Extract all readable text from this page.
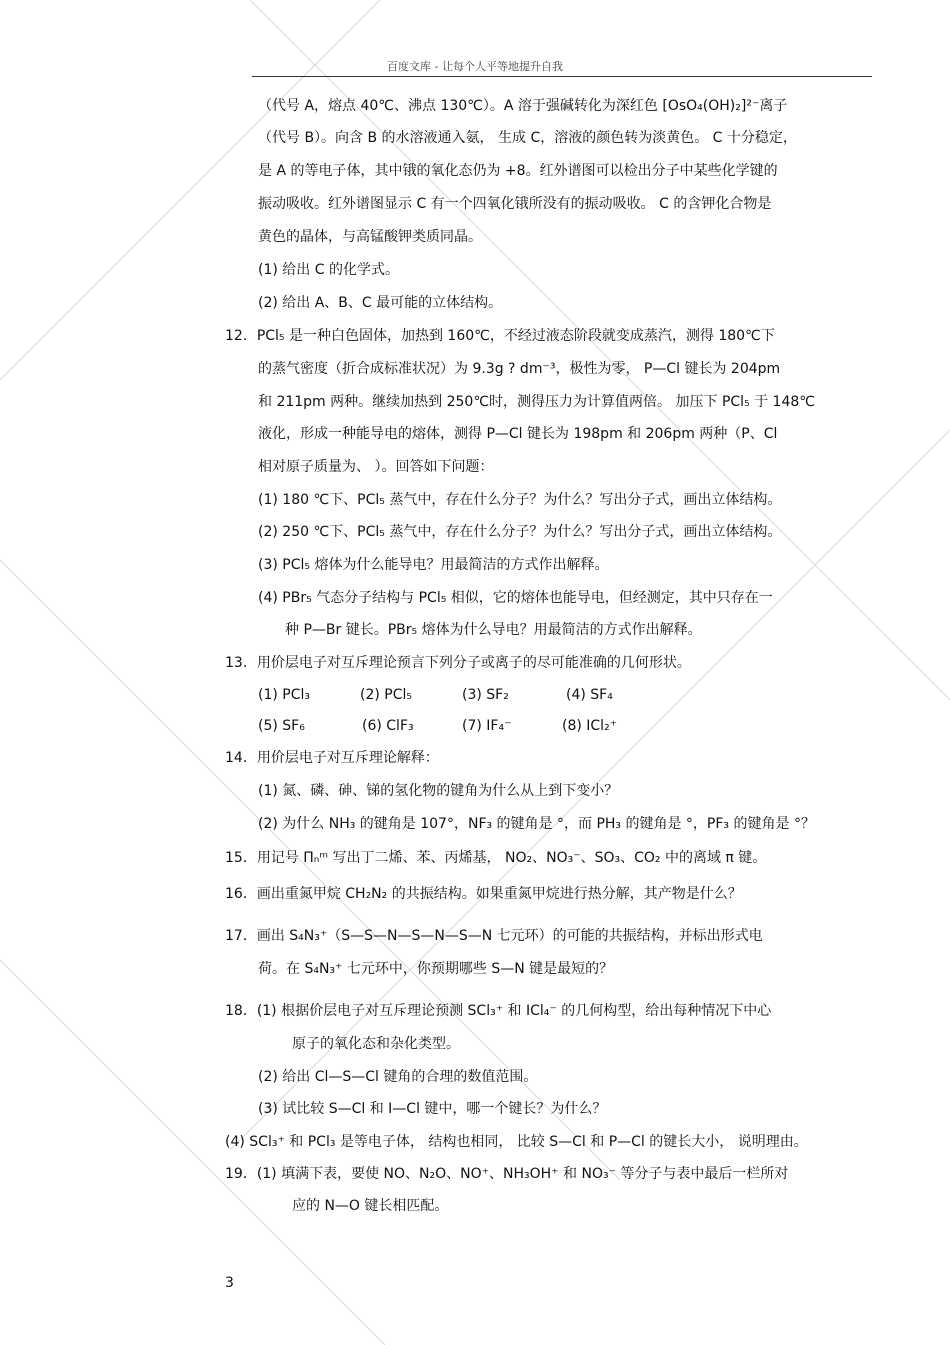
百度文库 - 让每个人平等地提升自我
（代号 A，熔点 40℃、沸点 130℃）。A 溶于强碱转化为深红色 [OsO₄(OH)₂]²⁻离子
（代号 B）。向含 B 的水溶液通入氨， 生成 C，溶液的颜色转为淡黄色。 C 十分稳定，
是 A 的等电子体，其中锇的氧化态仍为 +8。红外谱图可以检出分子中某些化学键的
振动吸收。红外谱图显示 C 有一个四氧化锇所没有的振动吸收。 C 的含钾化合物是
黄色的晶体，与高锰酸钾类质同晶。
(1) 给出 C 的化学式。
(2) 给出 A、B、C 最可能的立体结构。
12．PCl₅ 是一种白色固体，加热到 160℃，不经过液态阶段就变成蒸汽，测得 180℃下
的蒸气密度（折合成标准状况）为 9.3g ? dm⁻³，极性为零， P—Cl 键长为 204pm
和 211pm 两种。继续加热到 250℃时，测得压力为计算值两倍。 加压下 PCl₅ 于 148℃
液化，形成一种能导电的熔体，测得 P—Cl 键长为 198pm 和 206pm 两种（P、Cl
相对原子质量为、 ）。回答如下问题：
(1) 180 ℃下、PCl₅ 蒸气中，存在什么分子？为什么？写出分子式，画出立体结构。
(2) 250 ℃下、PCl₅ 蒸气中，存在什么分子？为什么？写出分子式，画出立体结构。
(3) PCl₅ 熔体为什么能导电？用最简洁的方式作出解释。
(4) PBr₅ 气态分子结构与 PCl₅ 相似，它的熔体也能导电，但经测定，其中只存在一
种 P—Br 键长。PBr₅ 熔体为什么导电？用最简洁的方式作出解释。
13．用价层电子对互斥理论预言下列分子或离子的尽可能准确的几何形状。
(1) PCl₃	(2) PCl₅	(3) SF₂	(4) SF₄
(5) SF₆	(6) ClF₃	(7) IF₄⁻	(8) ICl₂⁺
14．用价层电子对互斥理论解释：
(1) 氮、磷、砷、锑的氢化物的键角为什么从上到下变小？
(2) 为什么 NH₃ 的键角是 107°，NF₃ 的键角是 °，而 PH₃ 的键角是 °，PF₃ 的键角是 °？
15．用记号 Πₙᵐ 写出丁二烯、苯、丙烯基， NO₂、NO₃⁻、SO₃、CO₂ 中的离域 π 键。
16．画出重氮甲烷 CH₂N₂ 的共振结构。如果重氮甲烷进行热分解，其产物是什么？
17．画出 S₄N₃⁺（S—S—N—S—N—S—N 七元环）的可能的共振结构，并标出形式电
荷。在 S₄N₃⁺ 七元环中，你预期哪些 S—N 键是最短的？
18．(1) 根据价层电子对互斥理论预测 SCl₃⁺ 和 ICl₄⁻ 的几何构型，给出每种情况下中心
原子的氧化态和杂化类型。
(2) 给出 Cl—S—Cl 键角的合理的数值范围。
(3) 试比较 S—Cl 和 I—Cl 键中，哪一个键长？为什么？
(4) SCl₃⁺ 和 PCl₃ 是等电子体， 结构也相同， 比较 S—Cl 和 P—Cl 的键长大小， 说明理由。
19．(1) 填满下表，要使 NO、N₂O、NO⁺、NH₃OH⁺ 和 NO₃⁻ 等分子与表中最后一栏所对
应的 N—O 键长相匹配。
3
